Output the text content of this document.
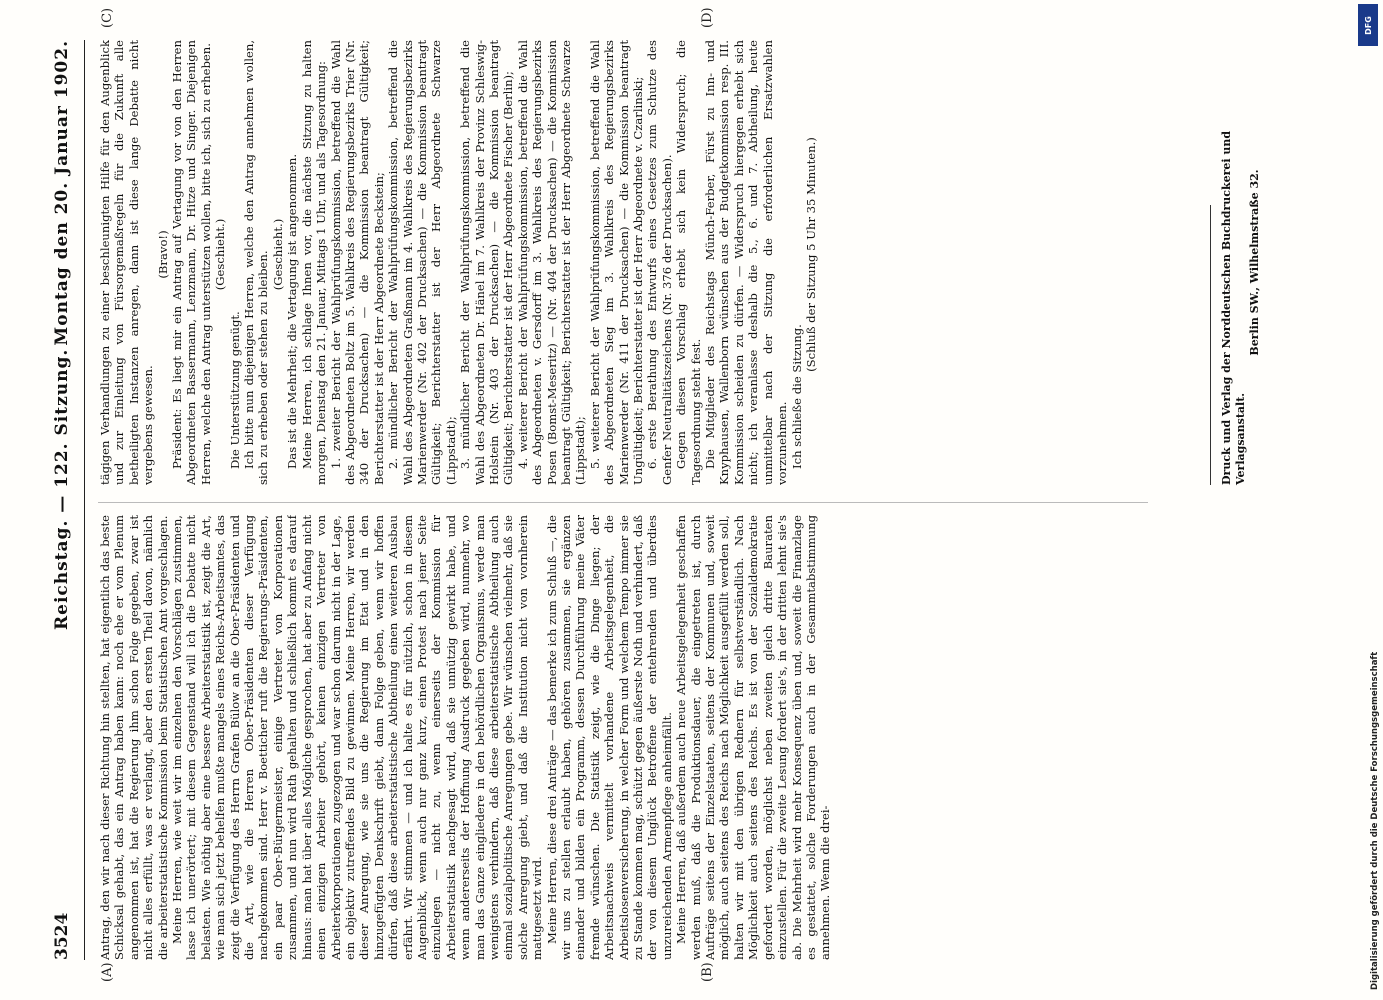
3524
Reichstag. — 122. Sitzung.
Montag den 20. Januar 1902.
(A)	(B)
(C)	(D)

Antrag, den wir nach dieser Richtung hin stellten, hat eigentlich das beste Schicksal gehabt, das ein Antrag haben kann: noch ehe er vom Plenum angenommen ist, hat die Regierung ihm schon Folge gegeben, zwar ist nicht alles erfüllt, was er verlangt, aber den ersten Theil davon, nämlich die arbeiterstatistische Kommission beim Statistischen Amt vorgeschlagen. Meine Herren, wie weit wir im einzelnen den Vorschlägen zustimmen, lasse ich unerörtert; mit diesem Gegenstand will ich die Debatte nicht belasten. Wie nöthig aber eine bessere Arbeiterstatistik ist, zeigt die Art, wie man sich jetzt behelfen mußte mangels eines Reichs-Arbeitsamtes, das zeigt die Verfügung des Herrn Grafen Bülow an die Ober-Präsidenten und die Art, wie die Herren Ober-Präsidenten dieser Verfügung nachgekommen sind. Herr v. Boetticher ruft die Regierungs-Präsidenten, ein paar Ober-Bürgermeister, einige Vertreter von Korporationen zusammen, und nun wird Rath gehalten und schließlich kommt es darauf hinaus: man hat über alles Mögliche gesprochen, hat aber zu Anfang nicht einen einzigen Arbeiter gehört, keinen einzigen Vertreter von Arbeiterkorporationen zugezogen und war schon darum nicht in der Lage, ein objektiv zutreffendes Bild zu gewinnen. Meine Herren, wir werden dieser Anregung, wie sie uns die Regierung im Etat und in den hinzugefügten Denkschrift giebt, dann Folge geben, wenn wir hoffen dürfen, daß diese arbeiterstatistische Abtheilung einen weiteren Ausbau erfährt. Wir stimmen — und ich halte es für nützlich, schon in diesem Augenblick, wenn auch nur ganz kurz, einen Protest nach jener Seite einzulegen — nicht zu, wenn einerseits der Kommission für Arbeiterstatistik nachgesagt wird, daß sie unnützig gewirkt habe, und wenn andererseits der Hoffnung Ausdruck gegeben wird, nunmehr, wo man das Ganze eingliedere in den behördlichen Organismus, werde man wenigstens verhindern, daß diese arbeiterstatistische Abtheilung auch einmal sozialpolitische Anregungen gebe. Wir wünschen vielmehr, daß sie solche Anregung giebt, und daß die Institution nicht von vornherein mattgesetzt wird. Meine Herren, diese drei Anträge — das bemerke ich zum Schluß —, die wir uns zu stellen erlaubt haben, gehören zusammen, sie ergänzen einander und bilden ein Programm, dessen Durchführung meine Väter fremde wünschen. Die Statistik zeigt, wie die Dinge liegen; der Arbeitsnachweis vermittelt vorhandene Arbeitsgelegenheit, die Arbeitslosenversicherung, in welcher Form und welchem Tempo immer sie zu Stande kommen mag, schützt gegen äußerste Noth und verhindert, daß der von diesem Unglück Betroffene der entehrenden und überdies unzureichenden Armenpflege anheimfällt. Meine Herren, daß außerdem auch neue Arbeitsgelegenheit geschaffen werden muß, daß die Produktionsdauer, die eingetreten ist, durch Aufträge seitens der Einzelstaaten, seitens der Kommunen und, soweit möglich, auch seitens des Reichs nach Möglichkeit ausgefüllt werden soll, halten wir mit den übrigen Rednern für selbstverständlich. Nach Möglichkeit auch seitens des Reichs. Es ist von der Sozialdemokratie gefordert worden, möglichst neben zweiten gleich dritte Bauraten einzustellen. Für die zweite Lesung fordert sie's, in der dritten lehnt sie's ab. Die Mehrheit wird mehr Konsequenz üben und, soweit die Finanzlage es gestattet, solche Forderungen auch in der Gesammtabstimmung annehmen. Wenn die drei-

tägigen Verhandlungen zu einer beschleunigten Hilfe für den Augenblick und zur Einleitung von Fürsorgemaßregeln für die Zukunft alle betheiligten Instanzen anregen, dann ist diese lange Debatte nicht vergebens gewesen.

(Bravo!) Präsident: Es liegt mir ein Antrag auf Vertagung vor von den Herren Abgeordneten Bassermann, Lenzmann, Dr. Hitze und Singer. Diejenigen Herren, welche den Antrag unterstützen wollen, bitte ich, sich zu erheben. (Geschieht.)

Die Unterstützung genügt. Ich bitte nun diejenigen Herren, welche den Antrag annehmen wollen, sich zu erheben oder stehen zu bleiben. (Geschieht.) Das ist die Mehrheit; die Vertagung ist angenommen. Meine Herren, ich schlage Ihnen vor, die nächste Sitzung zu halten morgen, Dienstag den 21. Januar, Mittags 1 Uhr, und als Tagesordnung: 1. zweiter Bericht der Wahlprüfungskommission, betreffend die Wahl des Abgeordneten Boltz im 5. Wahlkreis des Regierungsbezirks Trier (Nr. 340 der Drucksachen) — die Kommission beantragt Gültigkeit; Berichterstatter ist der Herr Abgeordnete Beckstein; 2. mündlicher Bericht der Wahlprüfungskommission, betreffend die Wahl des Abgeordneten Graßmann im 4. Wahlkreis des Regierungsbezirks Marienwerder (Nr. 402 der Drucksachen) — die Kommission beantragt Gültigkeit; Berichterstatter ist der Herr Abgeordnete Schwarze (Lippstadt); 3. mündlicher Bericht der Wahlprüfungskommission, betreffend die Wahl des Abgeordneten Dr. Hänel im 7. Wahlkreis der Provinz Schleswig-Holstein (Nr. 403 der Drucksachen) — die Kommission beantragt Gültigkeit; Berichterstatter ist der Herr Abgeordnete Fischer (Berlin); 4. weiterer Bericht der Wahlprüfungskommission, betreffend die Wahl des Abgeordneten v. Gersdorff im 3. Wahlkreis des Regierungsbezirks Posen (Bomst-Meseritz) — (Nr. 404 der Drucksachen) — die Kommission beantragt Gültigkeit; Berichterstatter ist der Herr Abgeordnete Schwarze (Lippstadt); 5. weiterer Bericht der Wahlprüfungskommission, betreffend die Wahl des Abgeordneten Sieg im 3. Wahlkreis des Regierungsbezirks Marienwerder (Nr. 411 der Drucksachen) — die Kommission beantragt Ungültigkeit; Berichterstatter ist der Herr Abgeordnete v. Czarlinski; 6. erste Berathung des Entwurfs eines Gesetzes zum Schutze des Genfer Neutralitätszeichens (Nr. 376 der Drucksachen). Gegen diesen Vorschlag erhebt sich kein Widerspruch; die Tagesordnung steht fest. Die Mitglieder des Reichstags Münch-Ferber, Fürst zu Inn- und Knyphausen, Wallenborn wünschen aus der Budgetkommission resp. III. Kommission scheiden zu dürfen. — Widerspruch hiergegen erhebt sich nicht; ich veranlasse deshalb die 5., 6. und 7. Abtheilung, heute unmittelbar nach der Sitzung die erforderlichen Ersatzwahlen vorzunehmen. Ich schließe die Sitzung.

(Schluß der Sitzung 5 Uhr 35 Minuten.)	Druck und Verlag der Norddeutschen Buchdruckerei und Verlagsanstalt.
Berlin SW., Wilhelmstraße 32.
Digitalisierung gefördert durch die Deutsche Forschungsgemeinschaft
DFG
